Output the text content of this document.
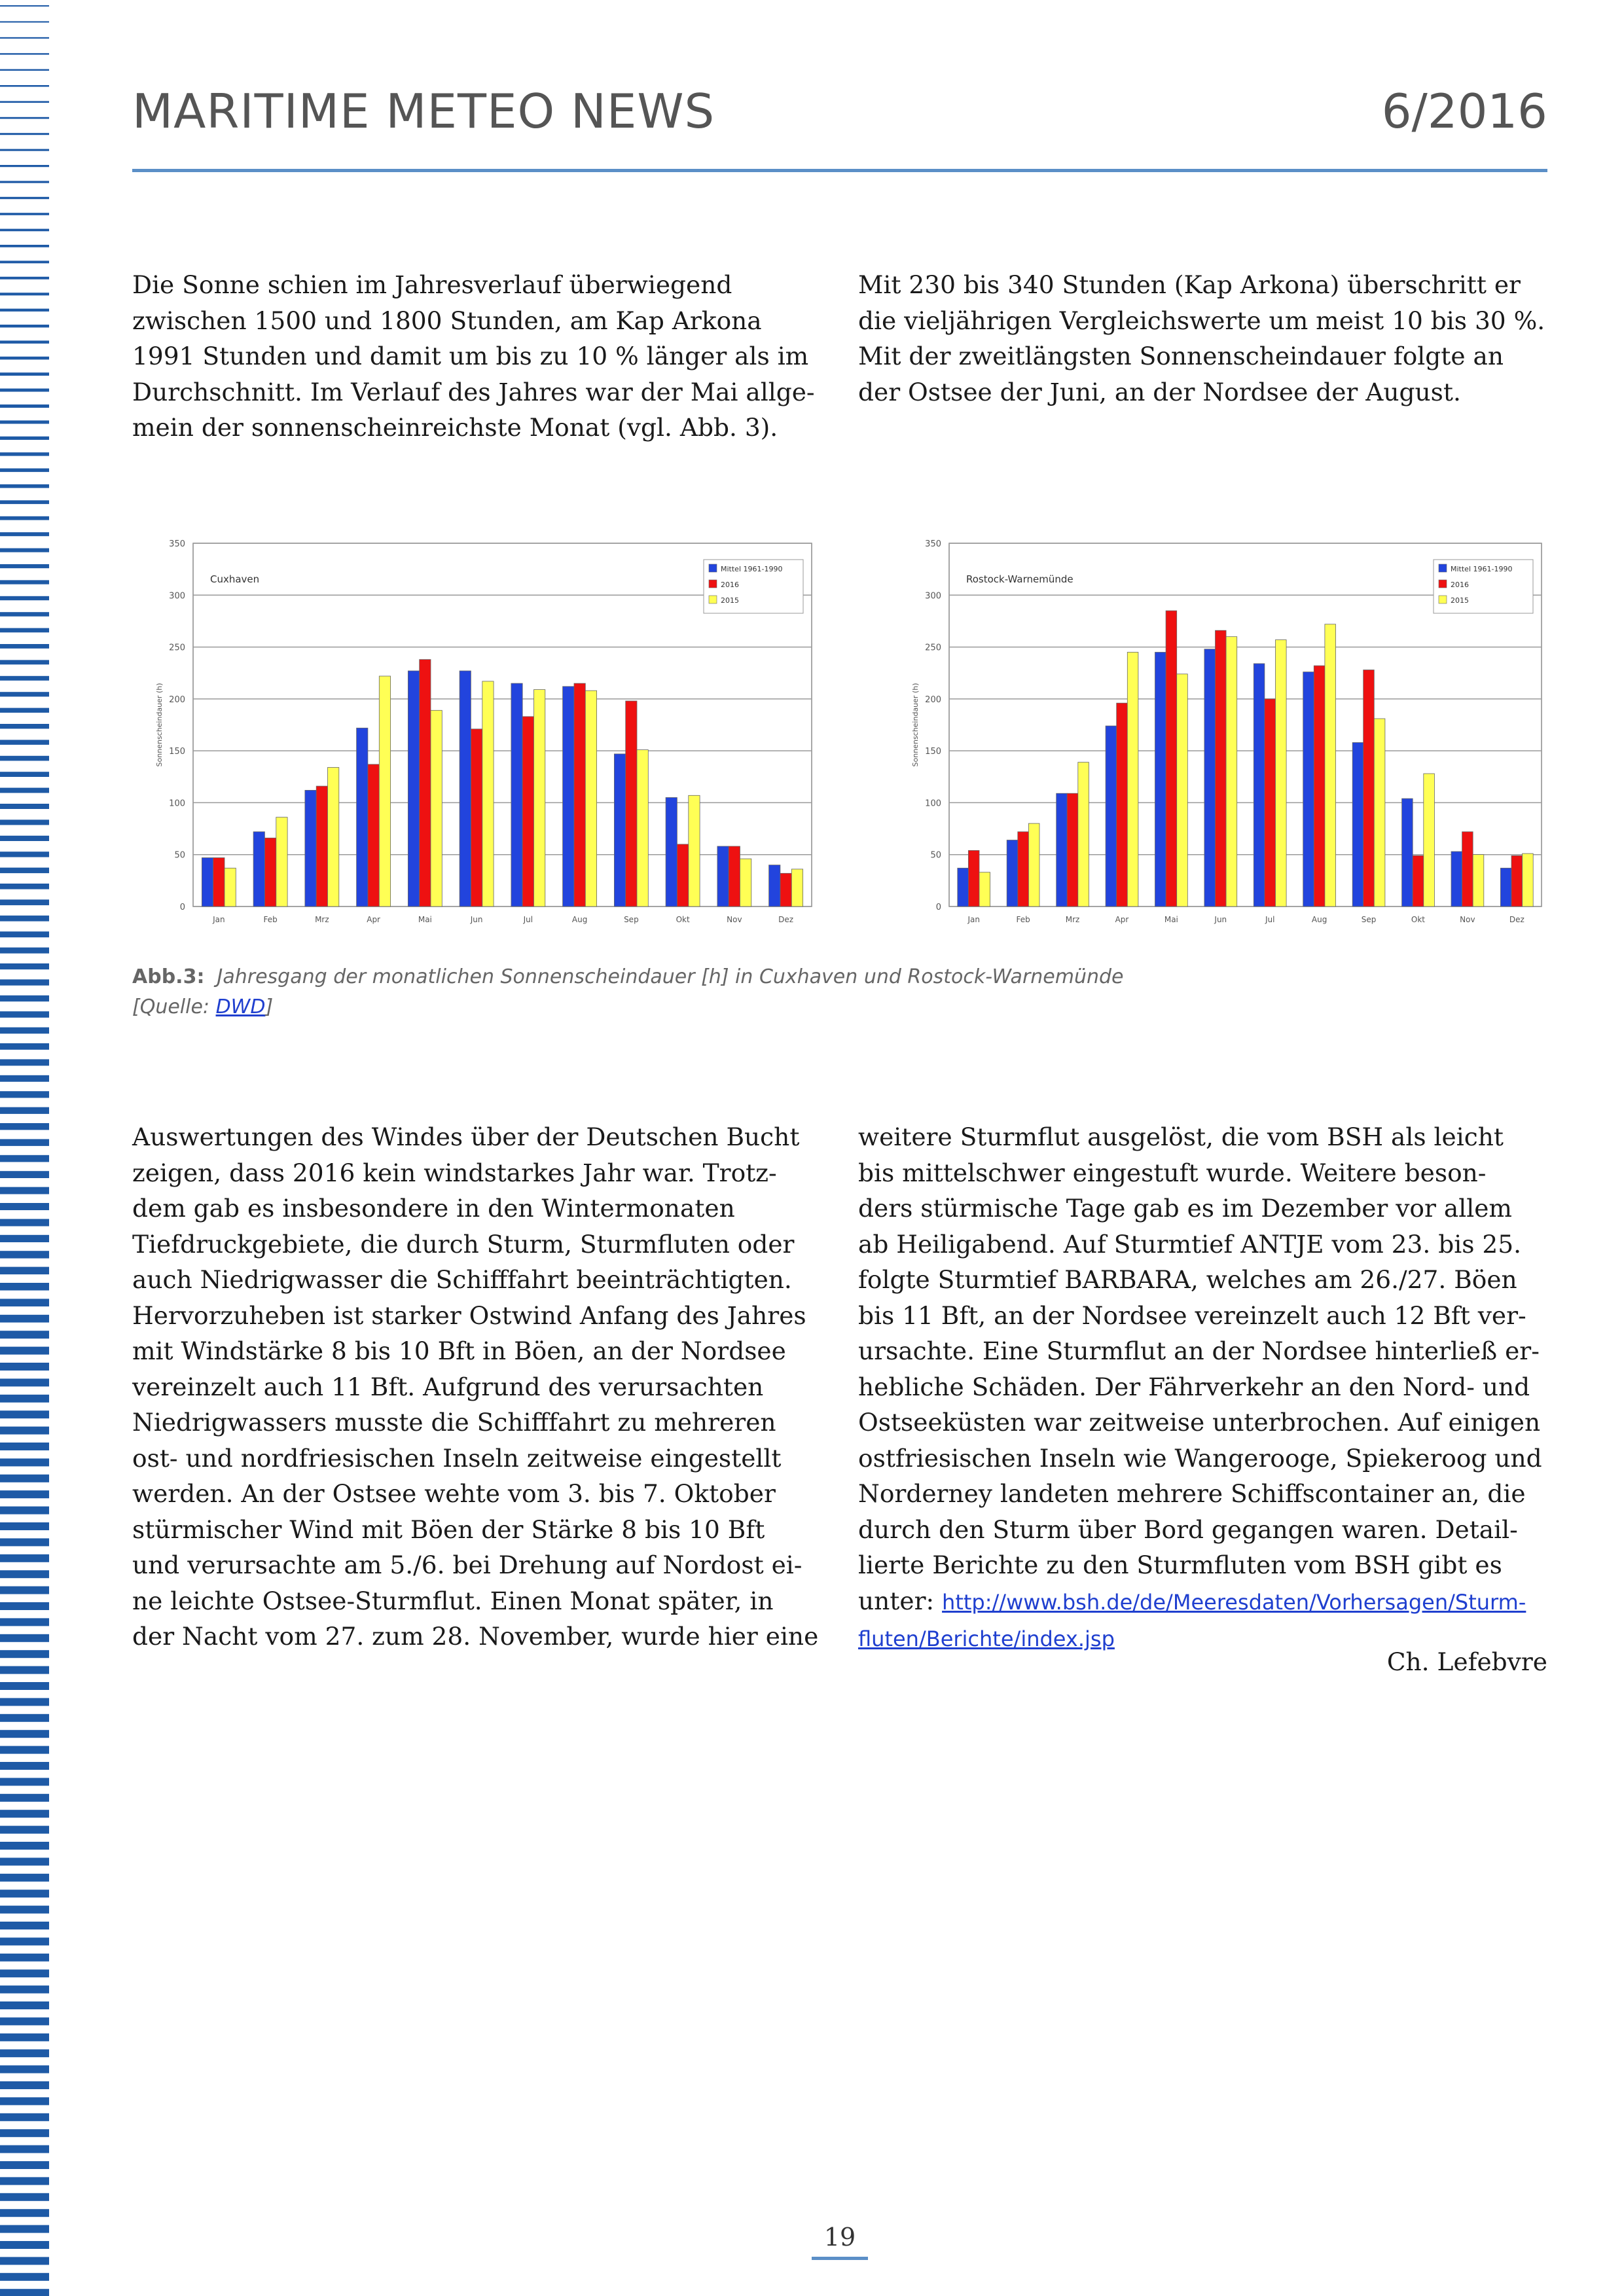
MARITIME METEO NEWS	6/2016
Die Sonne schien im Jahresverlauf überwiegend
zwischen 1500 und 1800 Stunden, am Kap Arkona
1991 Stunden und damit um bis zu 10 % länger als im
Durchschnitt. Im Verlauf des Jahres war der Mai allge-
mein der sonnenscheinreichste Monat (vgl. Abb. 3).
Mit 230 bis 340 Stunden (Kap Arkona) überschritt er
die vieljährigen Vergleichswerte um meist 10 bis 30 %.
Mit der zweitlängsten Sonnenscheindauer folgte an
der Ostsee der Juni, an der Nordsee der August.
0
50
100
150
200
250
300
350
Sonnenscheindauer (h)
Jan	Feb	Mrz	Apr	Mai	Jun	Jul	Aug	Sep	Okt	Nov	Dez
Cuxhaven
Mittel 1961-1990
2016
2015
0
50
100
150
200
250
300
350
Sonnenscheindauer (h)
Jan	Feb	Mrz	Apr	Mai	Jun	Jul	Aug	Sep	Okt	Nov	Dez
Rostock-Warnemünde
Mittel 1961-1990
2016
2015
Abb.3: Jahresgang der monatlichen Sonnenscheindauer [h] in Cuxhaven und Rostock-Warnemünde
[Quelle: DWD]
Auswertungen des Windes über der Deutschen Bucht
zeigen, dass 2016 kein windstarkes Jahr war. Trotz-
dem gab es insbesondere in den Wintermonaten
Tiefdruckgebiete, die durch Sturm, Sturmfluten oder
auch Niedrigwasser die Schifffahrt beeinträchtigten.
Hervorzuheben ist starker Ostwind Anfang des Jahres
mit Windstärke 8 bis 10 Bft in Böen, an der Nordsee
vereinzelt auch 11 Bft. Aufgrund des verursachten
Niedrigwassers musste die Schifffahrt zu mehreren
ost- und nordfriesischen Inseln zeitweise eingestellt
werden. An der Ostsee wehte vom 3. bis 7. Oktober
stürmischer Wind mit Böen der Stärke 8 bis 10 Bft
und verursachte am 5./6. bei Drehung auf Nordost ei-
ne leichte Ostsee-Sturmflut. Einen Monat später, in
der Nacht vom 27. zum 28. November, wurde hier eine
weitere Sturmflut ausgelöst, die vom BSH als leicht
bis mittelschwer eingestuft wurde. Weitere beson-
ders stürmische Tage gab es im Dezember vor allem
ab Heiligabend. Auf Sturmtief ANTJE vom 23. bis 25.
folgte Sturmtief BARBARA, welches am 26./27. Böen
bis 11 Bft, an der Nordsee vereinzelt auch 12 Bft ver-
ursachte. Eine Sturmflut an der Nordsee hinterließ er-
hebliche Schäden. Der Fährverkehr an den Nord- und
Ostseeküsten war zeitweise unterbrochen. Auf einigen
ostfriesischen Inseln wie Wangerooge, Spiekeroog und
Norderney landeten mehrere Schiffscontainer an, die
durch den Sturm über Bord gegangen waren. Detail-
lierte Berichte zu den Sturmfluten vom BSH gibt es
unter: http://www.bsh.de/de/Meeresdaten/Vorhersagen/Sturm-
fluten/Berichte/index.jsp
Ch. Lefebvre
19
